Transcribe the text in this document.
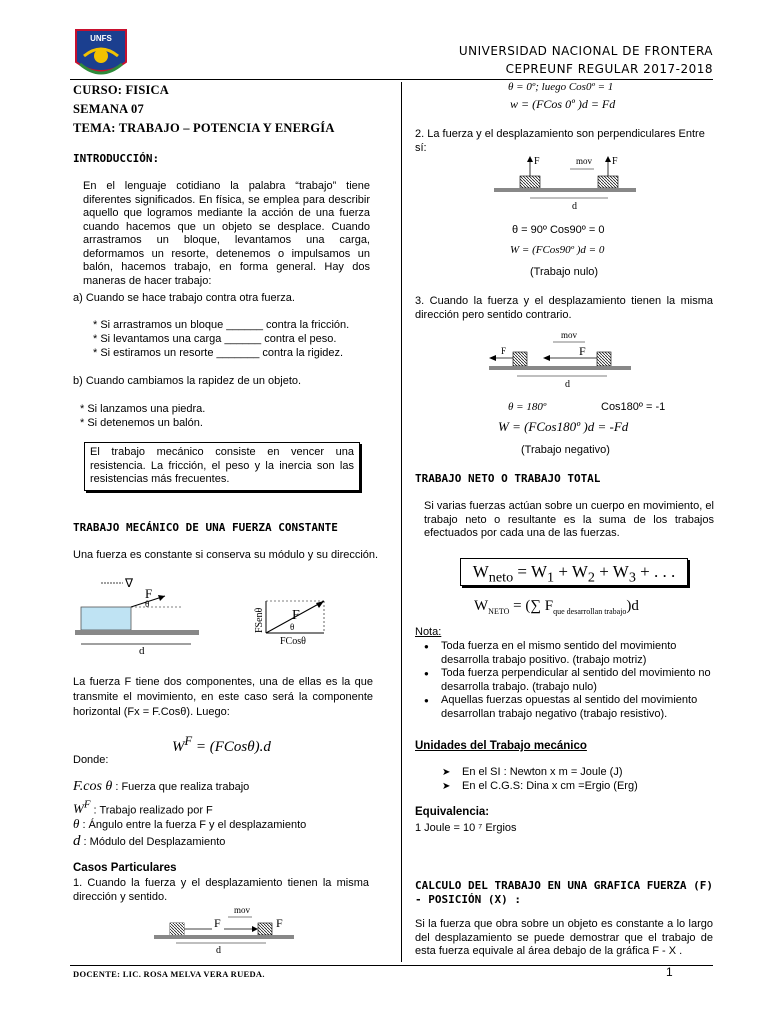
UNFS
UNIVERSIDAD NACIONAL DE FRONTERA
CEPREUNF REGULAR 2017-2018
CURSO: FISICA
SEMANA 07
TEMA: TRABAJO – POTENCIA Y ENERGÍA
INTRODUCCIÓN:
En el lenguaje cotidiano la palabra “trabajo” tiene diferentes significados. En física, se emplea para describir aquello que logramos mediante la acción de una fuerza cuando hacemos que un objeto se desplace. Cuando arrastramos un bloque, levantamos una carga, deformamos un resorte, detenemos o impulsamos un balón, hacemos trabajo, en forma general. Hay dos maneras de hacer trabajo:
a) Cuando se hace trabajo contra otra fuerza.
* Si arrastramos un bloque ______ contra la fricción.
* Si levantamos una carga ______ contra el peso.
* Si estiramos un resorte _______ contra la rigidez.
b) Cuando cambiamos la rapidez de un objeto.
* Si lanzamos una piedra.
* Si detenemos un balón.
El trabajo mecánico consiste en vencer una resistencia. La fricción, el peso y la inercia son las resistencias más frecuentes.
TRABAJO MECÁNICO DE UNA FUERZA CONSTANTE
Una fuerza es constante si conserva su módulo y su dirección.
∇
F
θ
d
F
θ
FSenθ
FCosθ
La fuerza F tiene dos componentes, una de ellas es la que transmite el movimiento, en este caso será la componente horizontal (Fx = F.Cosθ). Luego:
$W^F$ = (FCosθ).d
Donde:
F.cos θ : Fuerza que realiza trabajo
$W^F$ : Trabajo realizado por F
θ : Ángulo entre la fuerza F y el desplazamiento
d : Módulo del Desplazamiento
Casos Particulares
1. Cuando la fuerza y el desplazamiento tienen la misma dirección y sentido.
F
mov
F
d
θ = 0º; luego Cos0º = 1
w = (FCos 0º )d = Fd
2. La fuerza y el desplazamiento son perpendiculares Entre sí:
F	F
mov
d
θ = 90º Cos90º = 0
W = (FCos90º )d = 0
(Trabajo nulo)
3. Cuando la fuerza y el desplazamiento tienen la misma dirección pero sentido contrario.
F	F
mov
d
θ = 180º	Cos180º = -1
W = (FCos180º )d = -Fd
(Trabajo negativo)
TRABAJO NETO O TRABAJO TOTAL
Si varias fuerzas actúan sobre un cuerpo en movimiento, el trabajo neto o resultante es la suma de los trabajos efectuados por cada una de las fuerzas.
$W_{neto} = W_1 + W_2 + W_3$ + . . .
$W_{NETO}$ = (∑ $F_{que desarrollan trabajo})d$
Nota:
● Toda fuerza en el mismo sentido del movimiento desarrolla trabajo positivo. (trabajo motriz)
● Toda fuerza perpendicular al sentido del movimiento no desarrolla trabajo. (trabajo nulo)
● Aquellas fuerzas opuestas al sentido del movimiento desarrollan trabajo negativo (trabajo resistivo).
Unidades del Trabajo mecánico
➤ En el SI : Newton x m = Joule (J)
➤ En el C.G.S: Dina x cm =Ergio (Erg)
Equivalencia:
1 Joule = 10 ⁷ Ergios
CALCULO DEL TRABAJO EN UNA GRAFICA FUERZA (F) - POSICIÓN (X) :
Si la fuerza que obra sobre un objeto es constante a lo largo del desplazamiento se puede demostrar que el trabajo de esta fuerza equivale al área debajo de la gráfica F - X .
DOCENTE: LIC. ROSA MELVA VERA RUEDA.	1
